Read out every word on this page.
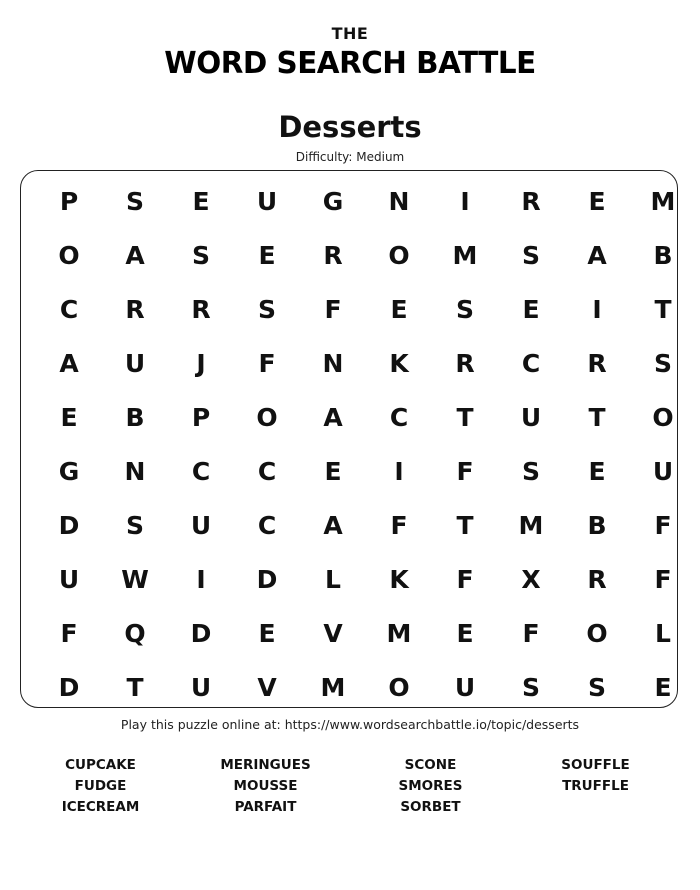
THE
WORD SEARCH BATTLE
Desserts
Difficulty: Medium
P	S	E	U	G	N	I	R	E	M
O	A	S	E	R	O	M	S	A	B
C	R	R	S	F	E	S	E	I	T
A	U	J	F	N	K	R	C	R	S
E	B	P	O	A	C	T	U	T	O
G	N	C	C	E	I	F	S	E	U
D	S	U	C	A	F	T	M	B	F
U	W	I	D	L	K	F	X	R	F
F	Q	D	E	V	M	E	F	O	L
D	T	U	V	M	O	U	S	S	E
Play this puzzle online at: https://www.wordsearchbattle.io/topic/desserts
CUPCAKE
FUDGE
ICECREAM
MERINGUES
MOUSSE
PARFAIT
SCONE
SMORES
SORBET
SOUFFLE
TRUFFLE
